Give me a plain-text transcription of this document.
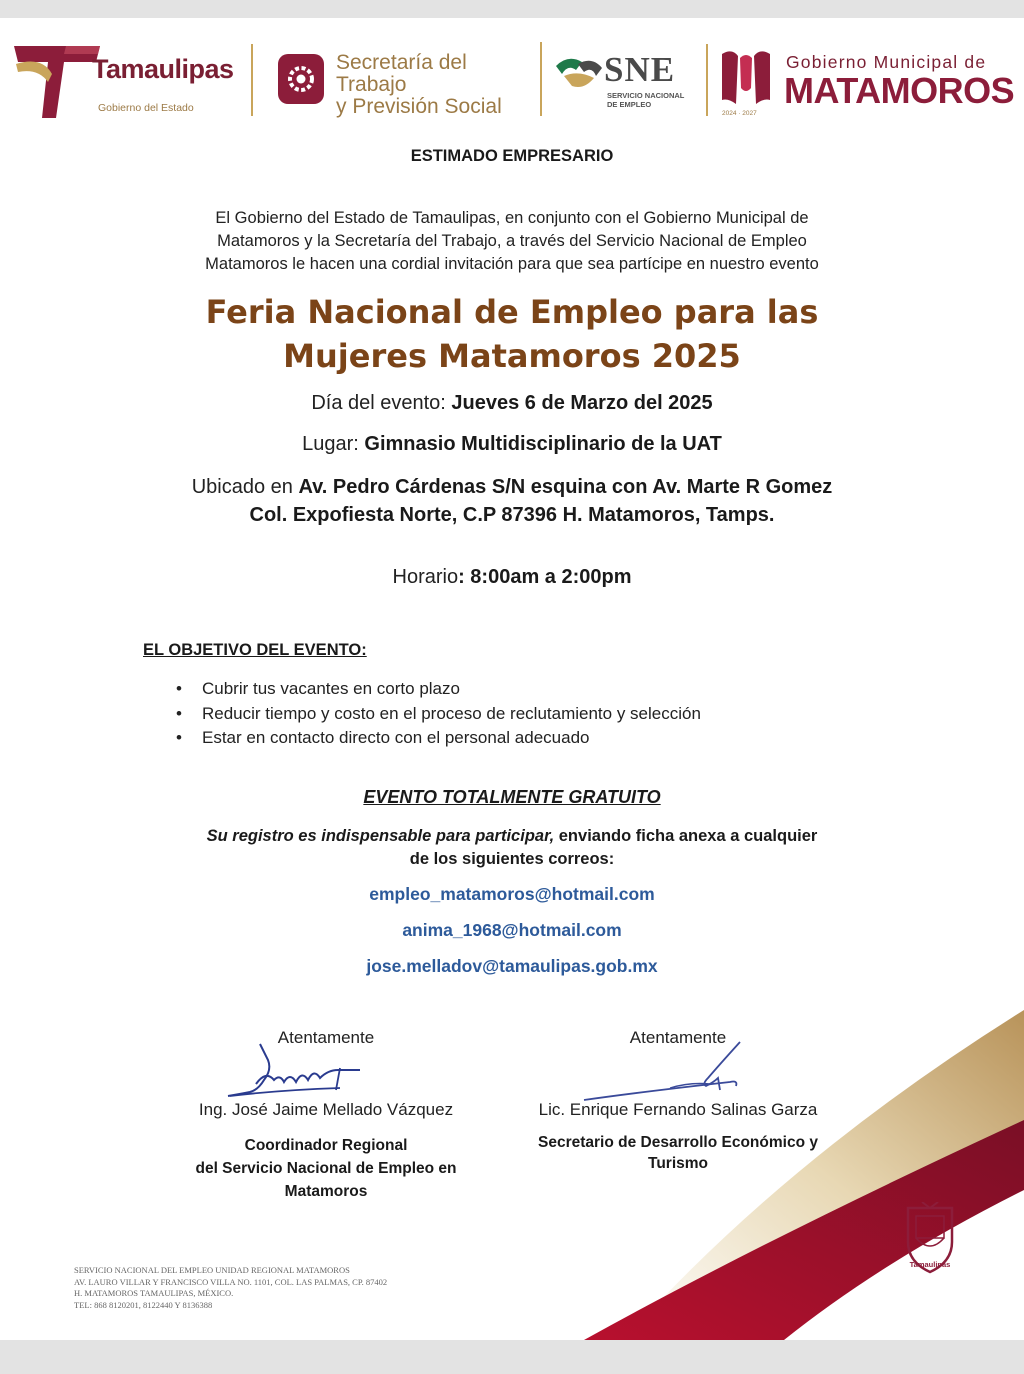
Tamaulipas
Gobierno del Estado
Secretaría del Trabajo
y Previsión Social
SNE
SERVICIO NACIONAL
DE EMPLEO
Gobierno Municipal de
MATAMOROS
2024 · 2027
ESTIMADO EMPRESARIO
El Gobierno del Estado de Tamaulipas, en conjunto con el Gobierno Municipal de
Matamoros y la Secretaría del Trabajo, a través del Servicio Nacional de Empleo
Matamoros le hacen una cordial invitación para que sea partícipe en nuestro evento
Feria Nacional de Empleo para las
Mujeres Matamoros 2025
Día del evento: Jueves 6 de Marzo del 2025
Lugar: Gimnasio Multidisciplinario de la UAT
Ubicado en Av. Pedro Cárdenas S/N esquina con Av. Marte R Gomez
Col. Expofiesta Norte, C.P 87396 H. Matamoros, Tamps.
Horario: 8:00am a 2:00pm
EL OBJETIVO DEL EVENTO:
• Cubrir tus vacantes en corto plazo
• Reducir tiempo y costo en el proceso de reclutamiento y selección
• Estar en contacto directo con el personal adecuado
EVENTO TOTALMENTE GRATUITO
Su registro es indispensable para participar, enviando ficha anexa a cualquier
de los siguientes correos:
empleo_matamoros@hotmail.com
anima_1968@hotmail.com
jose.melladov@tamaulipas.gob.mx
Atentamente
Ing. José Jaime Mellado Vázquez
Coordinador Regional
del Servicio Nacional de Empleo en
Matamoros
Atentamente
Lic. Enrique Fernando Salinas Garza
Secretario de Desarrollo Económico y
Turismo
SERVICIO NACIONAL DEL EMPLEO UNIDAD REGIONAL MATAMOROS
AV. LAURO VILLAR Y FRANCISCO VILLA NO. 1101, COL. LAS PALMAS, CP. 87402
H. MATAMOROS TAMAULIPAS, MÉXICO.
TEL: 868 8120201, 8122440 Y 8136388
Tamaulipas
